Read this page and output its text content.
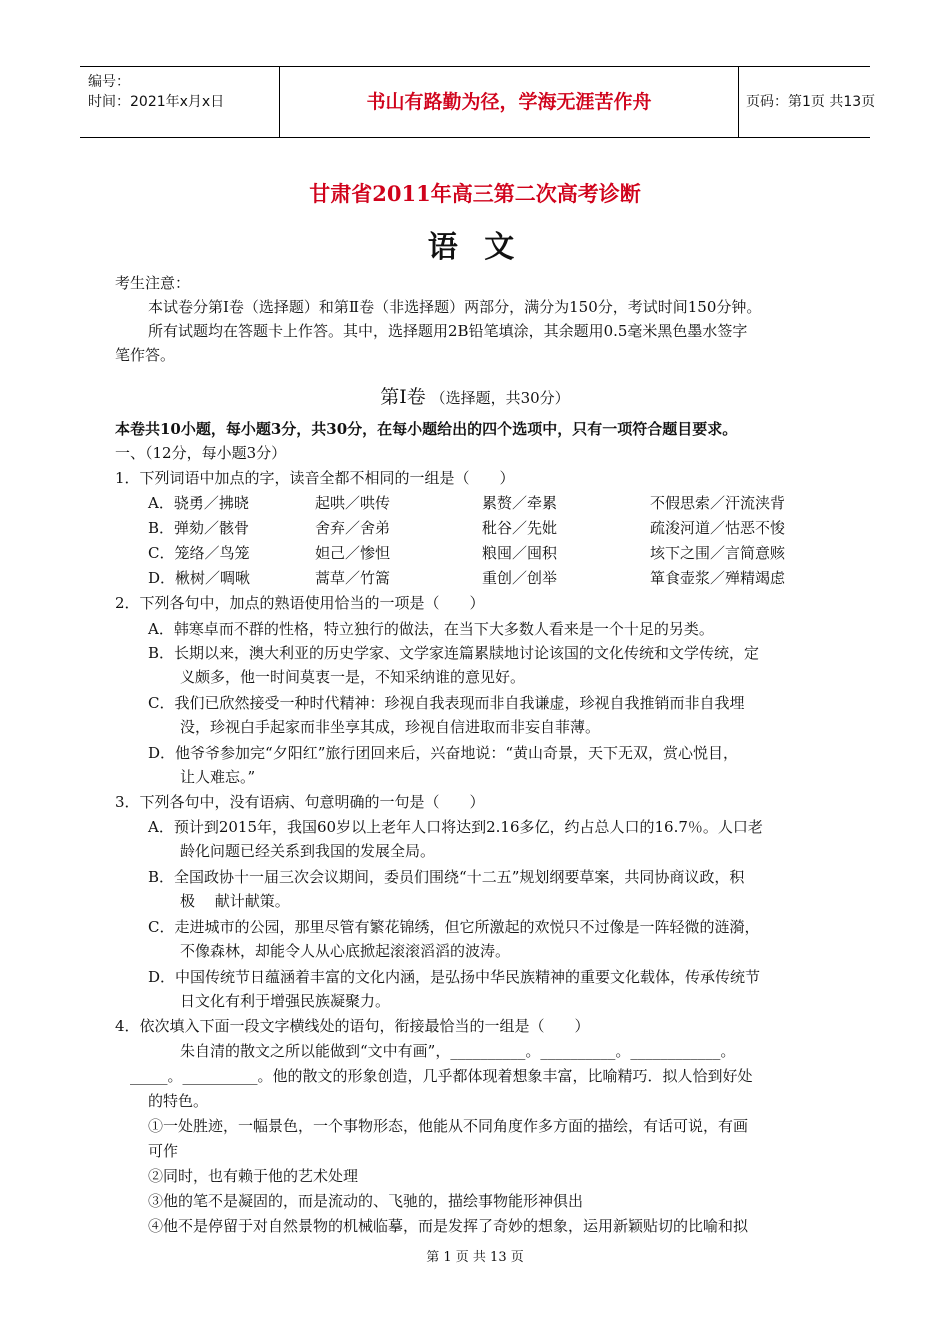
编号：
时间：2021年x月x日	书山有路勤为径，学海无涯苦作舟	页码：第1页 共13页
甘肃省2011年高三第二次高考诊断
语 文
考生注意：
本试卷分第Ⅰ卷（选择题）和第Ⅱ卷（非选择题）两部分，满分为150分，考试时间150分钟。
所有试题均在答题卡上作答。其中，选择题用2B铅笔填涂，其余题用0.5毫米黑色墨水签字
笔作答。
第Ⅰ卷 （选择题，共30分）
本卷共10小题，每小题3分，共30分，在每小题给出的四个选项中，只有一项符合题目要求。
一、（12分，每小题3分）
1．下列词语中加点的字，读音全都不相同的一组是（　　）
A．骁勇／拂晓	起哄／哄传	累赘／牵累	不假思索／汗流浃背
B．弹劾／骸骨	舍弃／舍弟	秕谷／先妣	疏浚河道／怙恶不悛
C．笼络／鸟笼	妲己／惨怛	粮囤／囤积	垓下之围／言简意赅
D．楸树／啁啾	蒿草／竹篙	重创／创举	箪食壶浆／殚精竭虑
2．下列各句中，加点的熟语使用恰当的一项是（　　）
A．韩寒卓而不群的性格，特立独行的做法，在当下大多数人看来是一个十足的另类。
B．长期以来，澳大利亚的历史学家、文学家连篇累牍地讨论该国的文化传统和文学传统，定
义颇多，他一时间莫衷一是，不知采纳谁的意见好。
C．我们已欣然接受一种时代精神：珍视自我表现而非自我谦虚，珍视自我推销而非自我埋
没，珍视白手起家而非坐享其成，珍视自信进取而非妄自菲薄。
D．他爷爷参加完“夕阳红”旅行团回来后，兴奋地说：“黄山奇景，天下无双，赏心悦目，
让人难忘。”
3．下列各句中，没有语病、句意明确的一句是（　　）
A．预计到2015年，我国60岁以上老年人口将达到2.16多亿，约占总人口的16.7％。人口老
龄化问题已经关系到我国的发展全局。
B．全国政协十一届三次会议期间，委员们围绕“十二五”规划纲要草案，共同协商议政，积
极　 献计献策。
C．走进城市的公园，那里尽管有繁花锦绣，但它所激起的欢悦只不过像是一阵轻微的涟漪，
不像森林，却能令人从心底掀起滚滚滔滔的波涛。
D．中国传统节日蕴涵着丰富的文化内涵，是弘扬中华民族精神的重要文化载体，传承传统节
日文化有利于增强民族凝聚力。
4．依次填入下面一段文字横线处的语句，衔接最恰当的一组是（　　）
朱自清的散文之所以能做到“文中有画”，__________。__________。____________。
_____。__________。他的散文的形象创造，几乎都体现着想象丰富，比喻精巧．拟人恰到好处
的特色。
①一处胜迹，一幅景色，一个事物形态，他能从不同角度作多方面的描绘，有话可说，有画
可作
②同时，也有赖于他的艺术处理
③他的笔不是凝固的，而是流动的、飞驰的，描绘事物能形神俱出
④他不是停留于对自然景物的机械临摹，而是发挥了奇妙的想象，运用新颖贴切的比喻和拟
第 1 页 共 13 页
